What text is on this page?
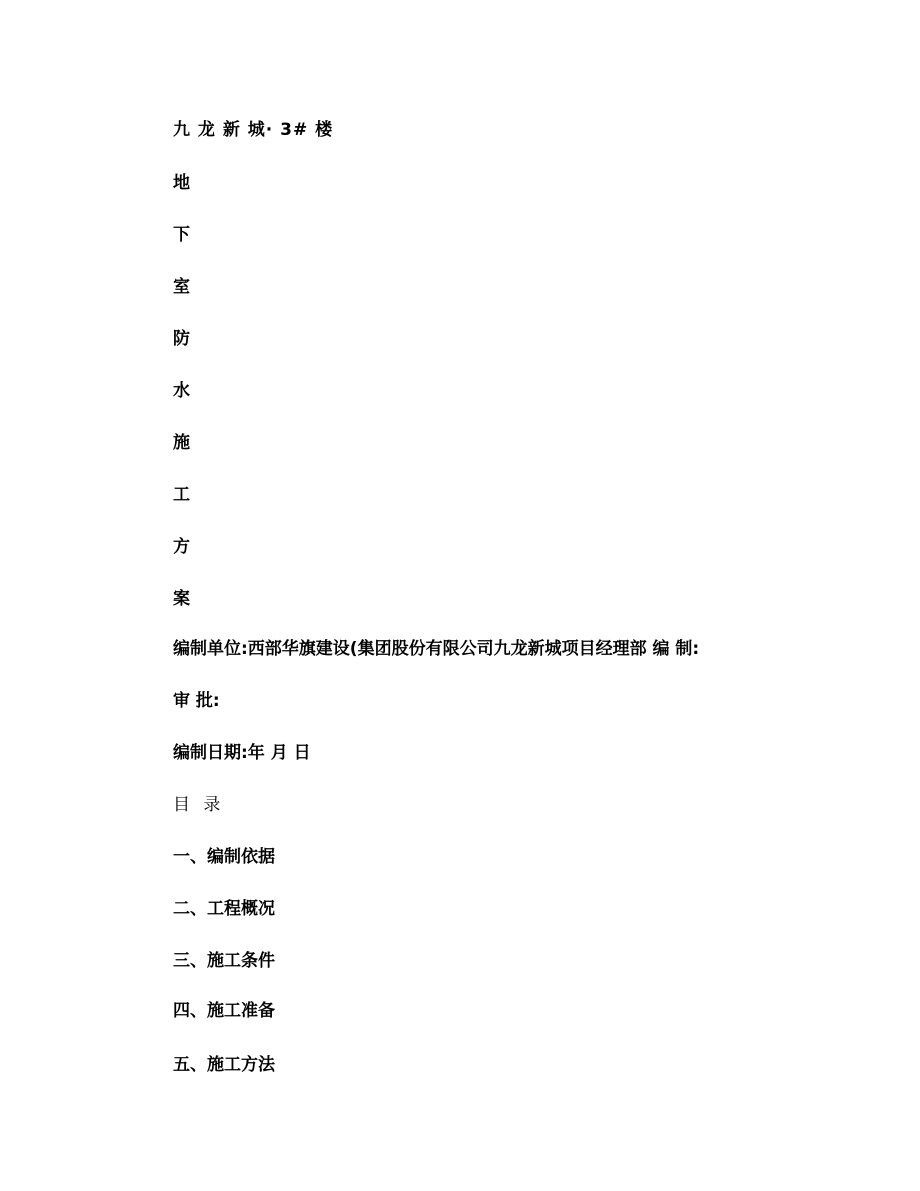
九 龙 新 城· 3# 楼
地
下
室
防
水
施
工
方
案
编制单位:西部华旗建设(集团股份有限公司九龙新城项目经理部 编 制:
审 批:
编制日期:年 月 日
目 录
一、编制依据
二、工程概况
三、施工条件
四、施工准备
五、施工方法
